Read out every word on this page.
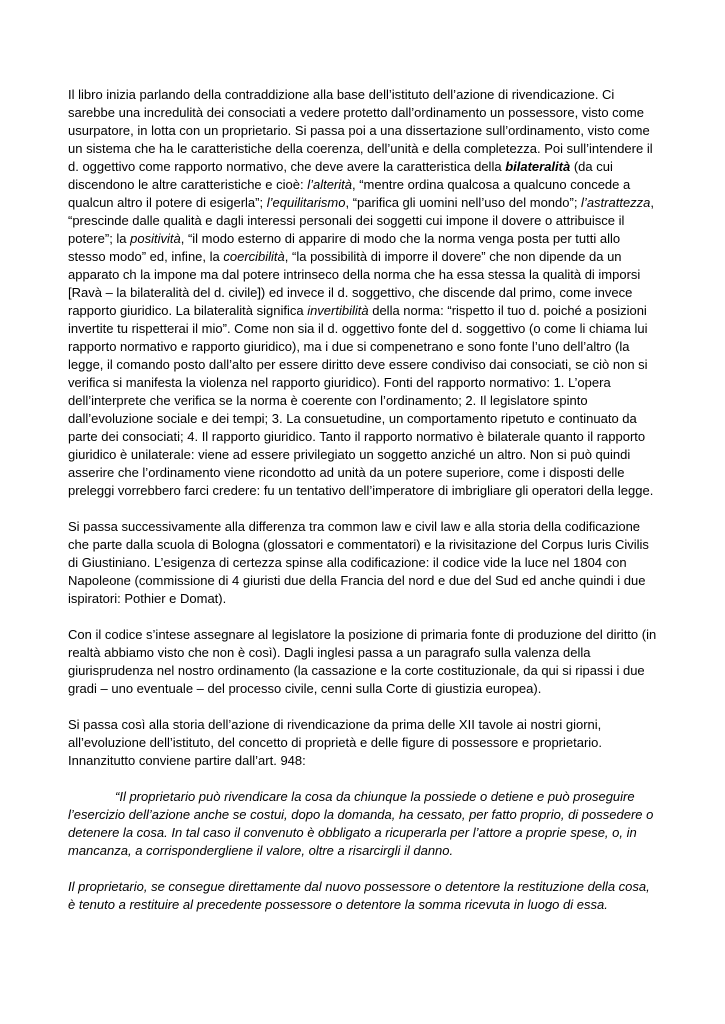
Il libro inizia parlando della contraddizione alla base dell’istituto dell’azione di rivendicazione. Ci sarebbe una incredulità dei consociati a vedere protetto dall’ordinamento un possessore, visto come usurpatore, in lotta con un proprietario. Si passa poi a una dissertazione sull’ordinamento, visto come un sistema che ha le caratteristiche della coerenza, dell’unità e della completezza. Poi sull’intendere il d. oggettivo come rapporto normativo, che deve avere la caratteristica della bilateralità (da cui discendono le altre caratteristiche e cioè: l’alterità, “mentre ordina qualcosa a qualcuno concede a qualcun altro il potere di esigerla”; l’equilitarismo, “parifica gli uomini nell’uso del mondo”; l’astrattezza, “prescinde dalle qualità e dagli interessi personali dei soggetti cui impone il dovere o attribuisce il potere”; la positività, “il modo esterno di apparire di modo che la norma venga posta per tutti allo stesso modo” ed, infine, la coercibilità, “la possibilità di imporre il dovere” che non dipende da un apparato ch la impone ma dal potere intrinseco della norma che ha essa stessa la qualità di imporsi [Ravà – la bilateralità del d. civile]) ed invece il d. soggettivo, che discende dal primo, come invece rapporto giuridico. La bilateralità significa invertibilità della norma: “rispetto il tuo d. poiché a posizioni invertite tu rispetterai il mio”. Come non sia il d. oggettivo fonte del d. soggettivo (o come li chiama lui rapporto normativo e rapporto giuridico), ma i due si compenetrano e sono fonte l’uno dell’altro (la legge, il comando posto dall’alto per essere diritto deve essere condiviso dai consociati, se ciò non si verifica si manifesta la violenza nel rapporto giuridico). Fonti del rapporto normativo: 1. L’opera dell’interprete che verifica se la norma è coerente con l’ordinamento; 2. Il legislatore spinto dall’evoluzione sociale e dei tempi; 3. La consuetudine, un comportamento ripetuto e continuato da parte dei consociati; 4. Il rapporto giuridico. Tanto il rapporto normativo è bilaterale quanto il rapporto giuridico è unilaterale: viene ad essere privilegiato un soggetto anziché un altro. Non si può quindi asserire che l’ordinamento viene ricondotto ad unità da un potere superiore, come i disposti delle preleggi vorrebbero farci credere: fu un tentativo dell’imperatore di imbrigliare gli operatori della legge.

Si passa successivamente alla differenza tra common law e civil law e alla storia della codificazione che parte dalla scuola di Bologna (glossatori e commentatori) e la rivisitazione del Corpus Iuris Civilis di Giustiniano. L’esigenza di certezza spinse alla codificazione: il codice vide la luce nel 1804 con Napoleone (commissione di 4 giuristi due della Francia del nord e due del Sud ed anche quindi i due ispiratori: Pothier e Domat).

Con il codice s’intese assegnare al legislatore la posizione di primaria fonte di produzione del diritto (in realtà abbiamo visto che non è così). Dagli inglesi passa a un paragrafo sulla valenza della giurisprudenza nel nostro ordinamento (la cassazione e la corte costituzionale, da qui si ripassi i due gradi – uno eventuale – del processo civile, cenni sulla Corte di giustizia europea).

Si passa così alla storia dell’azione di rivendicazione da prima delle XII tavole ai nostri giorni, all’evoluzione dell’istituto, del concetto di proprietà e delle figure di possessore e proprietario. Innanzitutto conviene partire dall’art. 948:

“Il proprietario può rivendicare la cosa da chiunque la possiede o detiene e può proseguire l’esercizio dell’azione anche se costui, dopo la domanda, ha cessato, per fatto proprio, di possedere o detenere la cosa. In tal caso il convenuto è obbligato a ricuperarla per l’attore a proprie spese, o, in mancanza, a corrispondergliene il valore, oltre a risarcirgli il danno.

Il proprietario, se consegue direttamente dal nuovo possessore o detentore la restituzione della cosa, è tenuto a restituire al precedente possessore o detentore la somma ricevuta in luogo di essa.
